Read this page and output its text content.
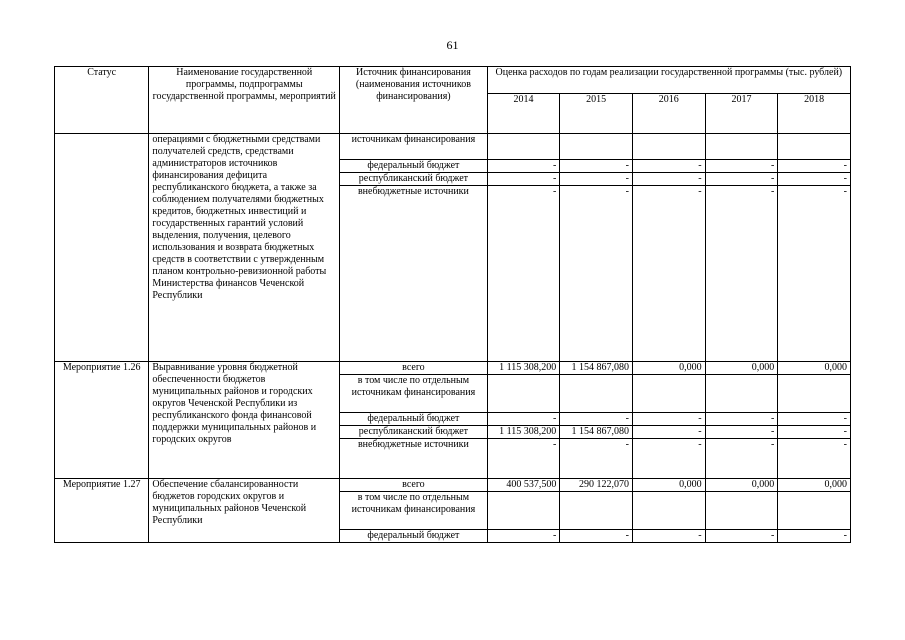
61
Статус	Наименование государственной программы, подпрограммы государственной программы, мероприятий	Источник финансирования (наименования источников финансирования)	Оценка расходов по годам реализации государственной программы (тыс. рублей)				
			2014	2015	2016	2017	2018
	операциями с бюджетными средствами получателей средств, средствами администраторов источников финансирования дефицита республиканского бюджета, а также за соблюдением получателями бюджетных кредитов, бюджетных инвестиций и государственных гарантий условий выделения, получения, целевого использования и возврата бюджетных средств в соответствии с утвержденным планом контрольно-ревизионной работы Министерства финансов Чеченской Республики	источникам финансирования					
		федеральный бюджет	-	-	-	-	-
		республиканский бюджет	-	-	-	-	-
		внебюджетные источники	-	-	-	-	-
Мероприятие 1.26	Выравнивание уровня бюджетной обеспеченности бюджетов муниципальных районов и городских округов Чеченской Республики из республиканского фонда финансовой поддержки муниципальных районов и городских округов	всего	1 115 308,200	1 154 867,080	0,000	0,000	0,000
		в том числе по отдельным источникам финансирования					
		федеральный бюджет	-	-	-	-	-
		республиканский бюджет	1 115 308,200	1 154 867,080	-	-	-
		внебюджетные источники	-	-	-	-	-
Мероприятие 1.27	Обеспечение сбалансированности бюджетов городских округов и муниципальных районов Чеченской Республики	всего	400 537,500	290 122,070	0,000	0,000	0,000
		в том числе по отдельным источникам финансирования					
		федеральный бюджет	-	-	-	-	-
